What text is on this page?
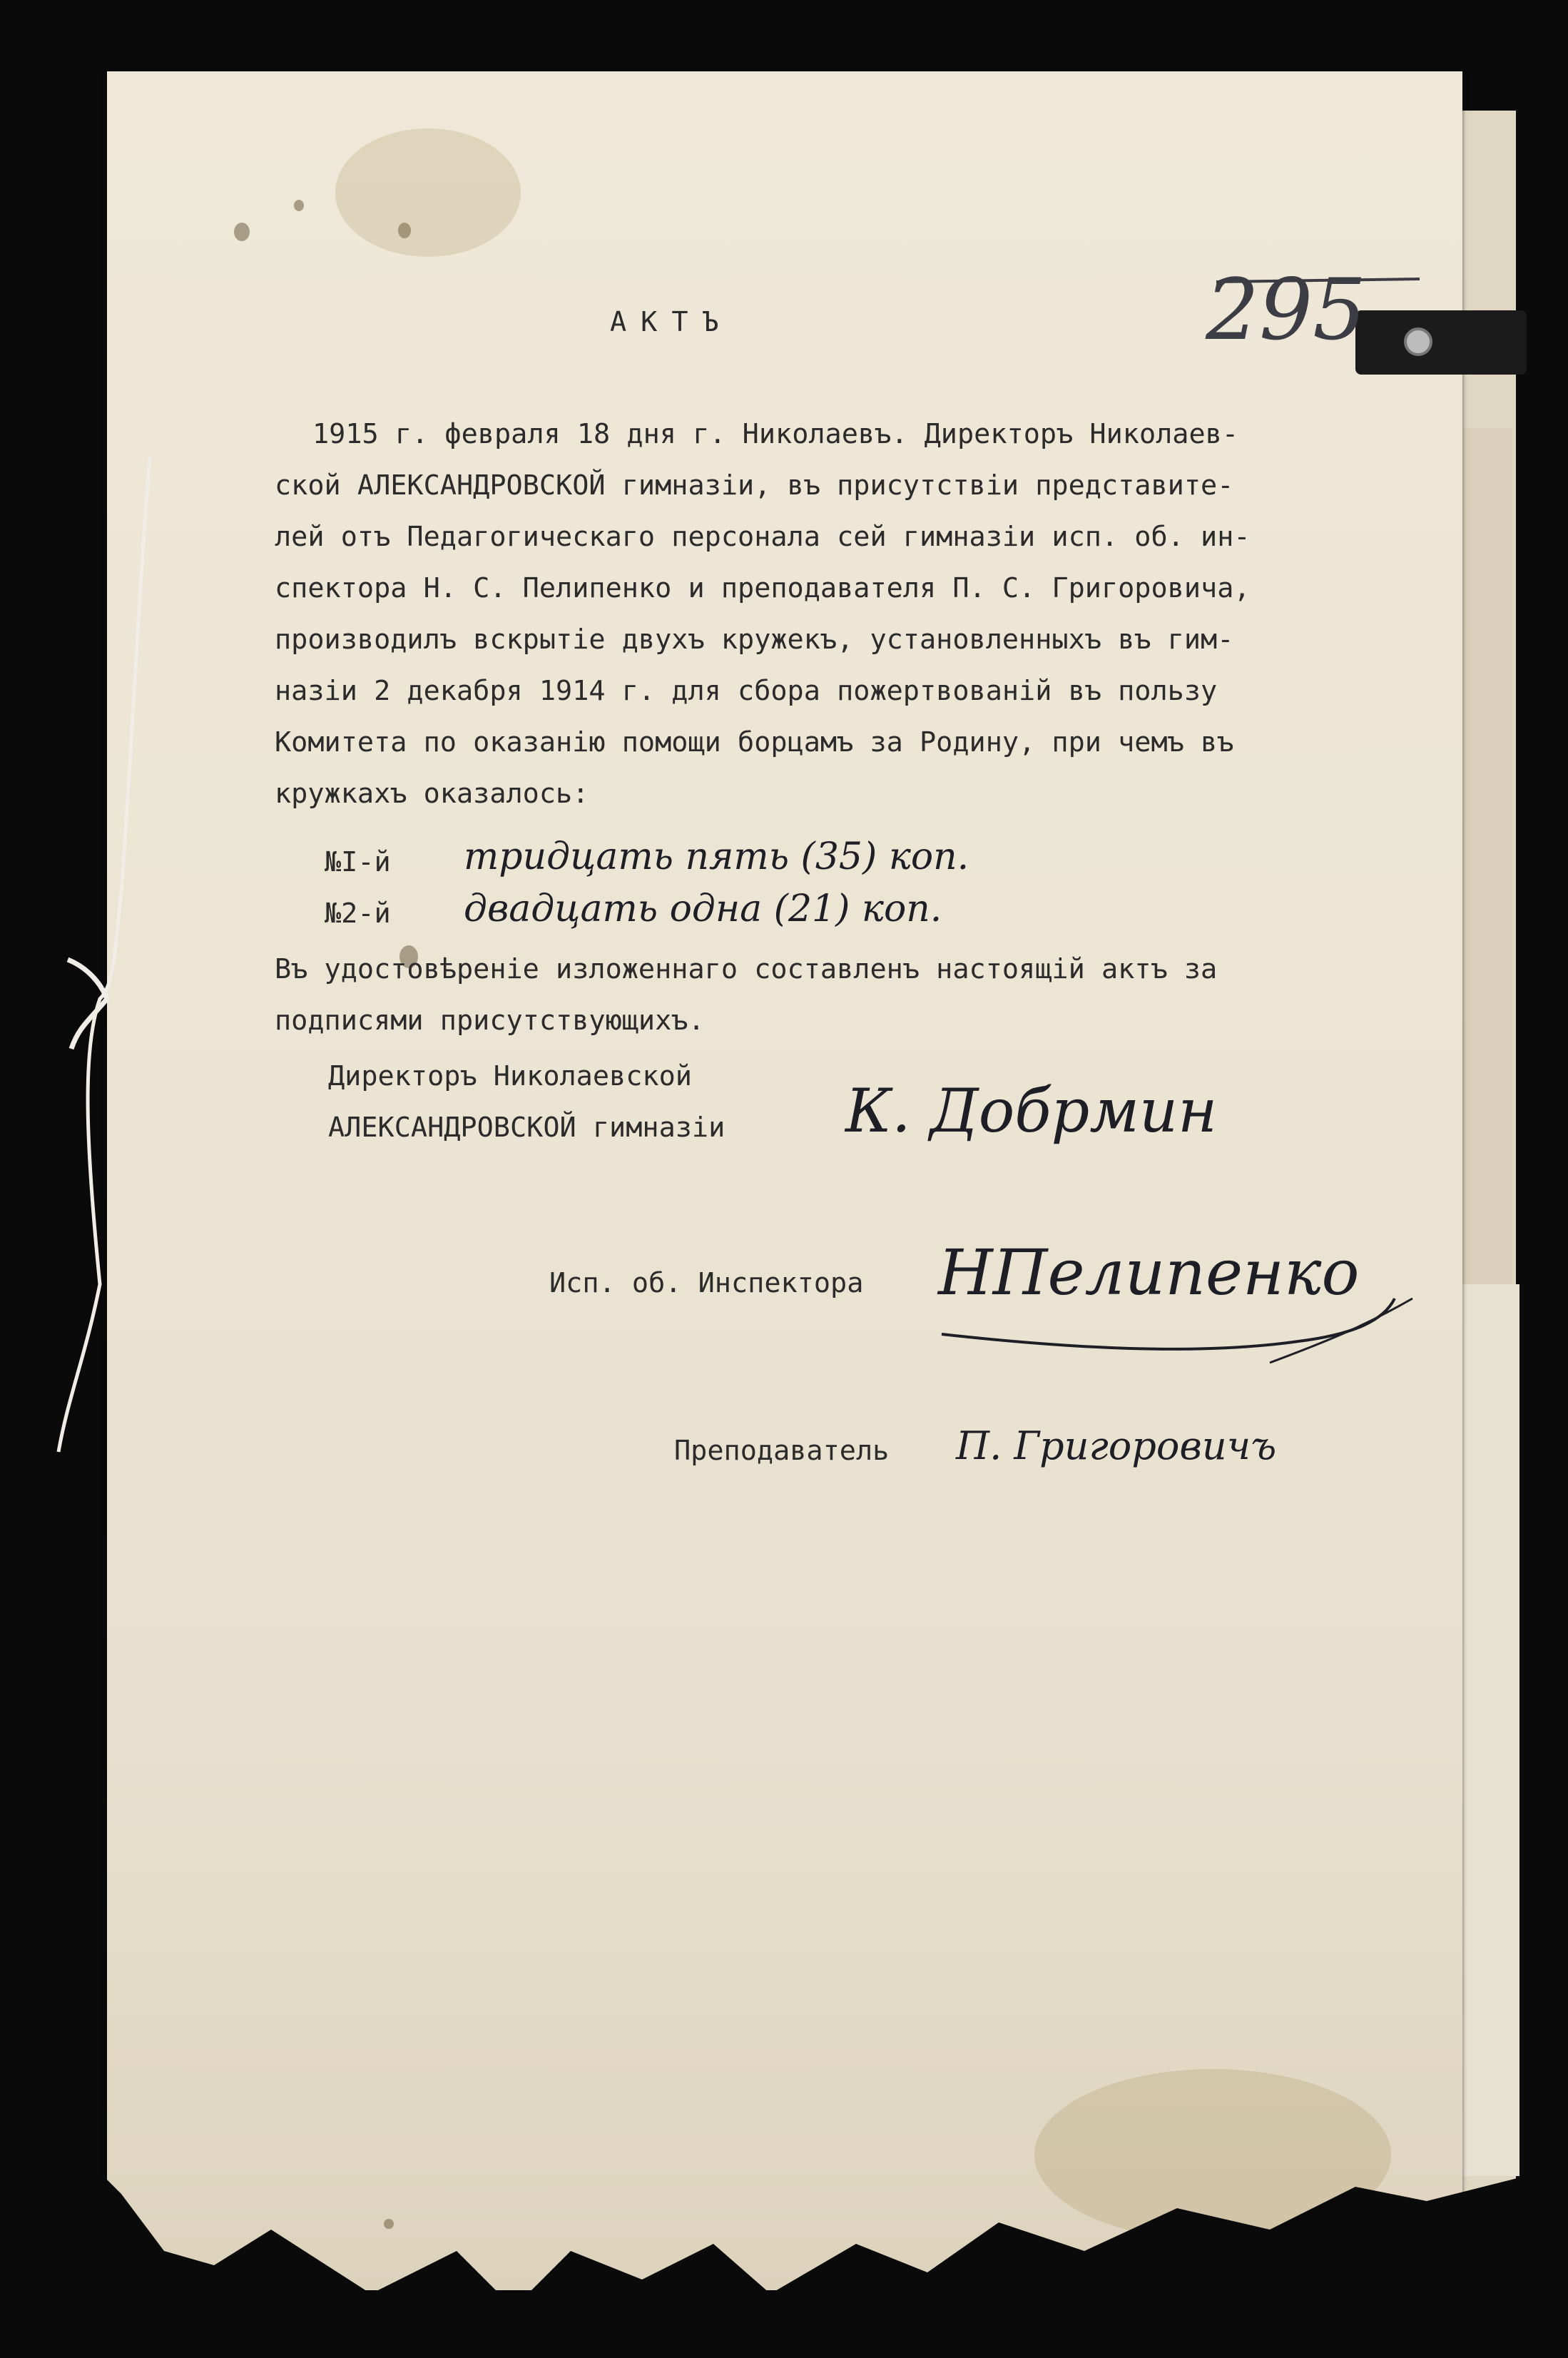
295
АКТЪ
1915 г. февраля 18 дня г. Николаевъ. Директоръ Николаев-
ской АЛЕКСАНДРОВСКОЙ гимназiи, въ присутствiи представите-
лей отъ Педагогическаго персонала сей гимназiи исп. об. ин-
спектора Н. С. Пелипенко и преподавателя П. С. Григоровича,
производилъ вскрытiе двухъ кружекъ, установленныхъ въ гим-
назiи 2 декабря 1914 г. для сбора пожертвованiй въ пользу
Комитета по оказанiю помощи борцамъ за Родину, при чемъ въ
кружкахъ оказалось:
№I-й тридцать пять (35) коп.
№2-й двадцать одна (21) коп.
Въ удостовѣренiе изложеннаго составленъ настоящiй актъ за
подписями присутствующихъ.
Директоръ Николаевской
АЛЕКСАНДРОВСКОЙ гимназiи К. Добрмин
Исп. об. Инспектора НПелипенко
Преподаватель П. Григоровичъ
